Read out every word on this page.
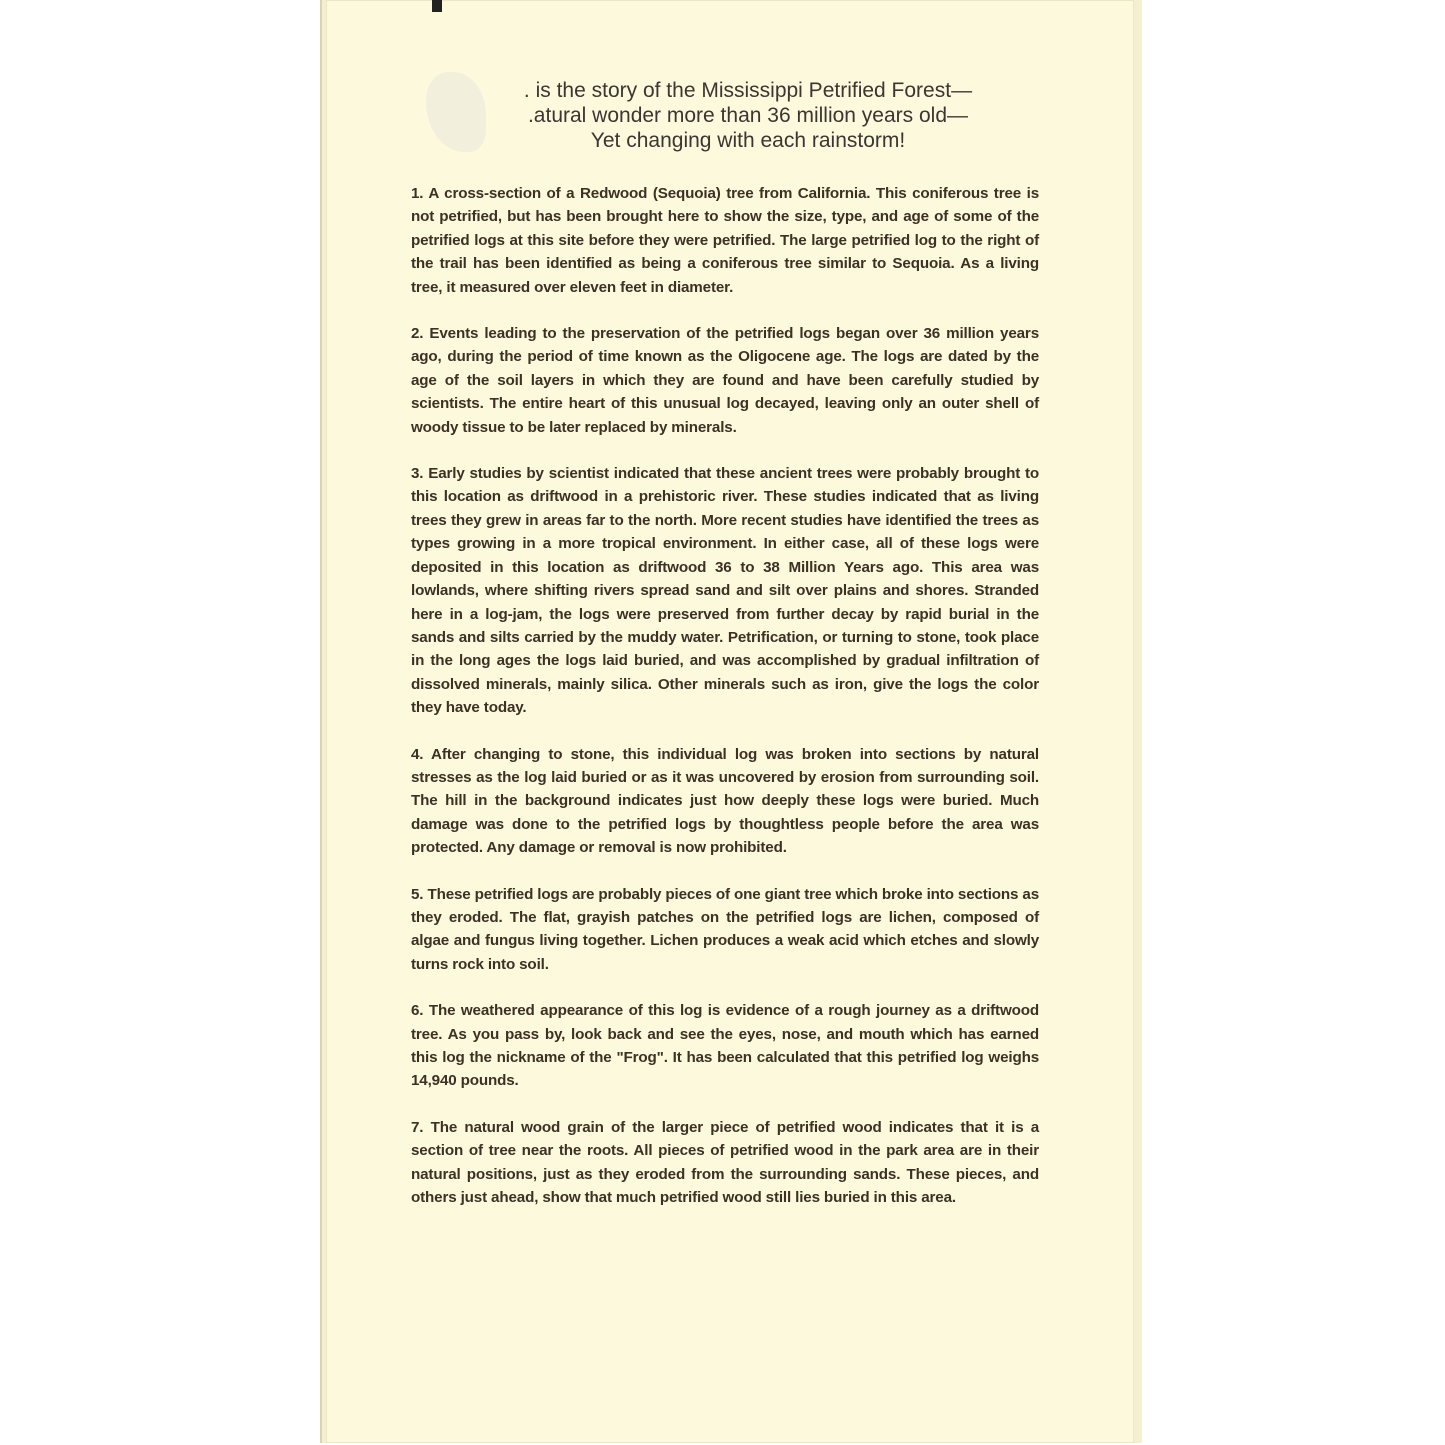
. is the story of the Mississippi Petrified Forest—
.atural wonder more than 36 million years old—
Yet changing with each rainstorm!

1. A cross-section of a Redwood (Sequoia) tree from California. This coniferous tree is not petrified, but has been brought here to show the size, type, and age of some of the petrified logs at this site before they were petrified. The large petrified log to the right of the trail has been identified as being a coniferous tree similar to Sequoia. As a living tree, it measured over eleven feet in diameter.

2. Events leading to the preservation of the petrified logs began over 36 million years ago, during the period of time known as the Oligocene age. The logs are dated by the age of the soil layers in which they are found and have been carefully studied by scientists. The entire heart of this unusual log decayed, leaving only an outer shell of woody tissue to be later replaced by minerals.

3. Early studies by scientist indicated that these ancient trees were probably brought to this location as driftwood in a prehistoric river. These studies indicated that as living trees they grew in areas far to the north. More recent studies have identified the trees as types growing in a more tropical environment. In either case, all of these logs were deposited in this location as driftwood 36 to 38 Million Years ago. This area was lowlands, where shifting rivers spread sand and silt over plains and shores. Stranded here in a log-jam, the logs were preserved from further decay by rapid burial in the sands and silts carried by the muddy water. Petrification, or turning to stone, took place in the long ages the logs laid buried, and was accomplished by gradual infiltration of dissolved minerals, mainly silica. Other minerals such as iron, give the logs the color they have today.

4. After changing to stone, this individual log was broken into sections by natural stresses as the log laid buried or as it was uncovered by erosion from surrounding soil. The hill in the background indicates just how deeply these logs were buried. Much damage was done to the petrified logs by thoughtless people before the area was protected. Any damage or removal is now prohibited.

5. These petrified logs are probably pieces of one giant tree which broke into sections as they eroded. The flat, grayish patches on the petrified logs are lichen, composed of algae and fungus living together. Lichen produces a weak acid which etches and slowly turns rock into soil.

6. The weathered appearance of this log is evidence of a rough journey as a driftwood tree. As you pass by, look back and see the eyes, nose, and mouth which has earned this log the nickname of the "Frog". It has been calculated that this petrified log weighs 14,940 pounds.

7. The natural wood grain of the larger piece of petrified wood indicates that it is a section of tree near the roots. All pieces of petrified wood in the park area are in their natural positions, just as they eroded from the surrounding sands. These pieces, and others just ahead, show that much petrified wood still lies buried in this area.
